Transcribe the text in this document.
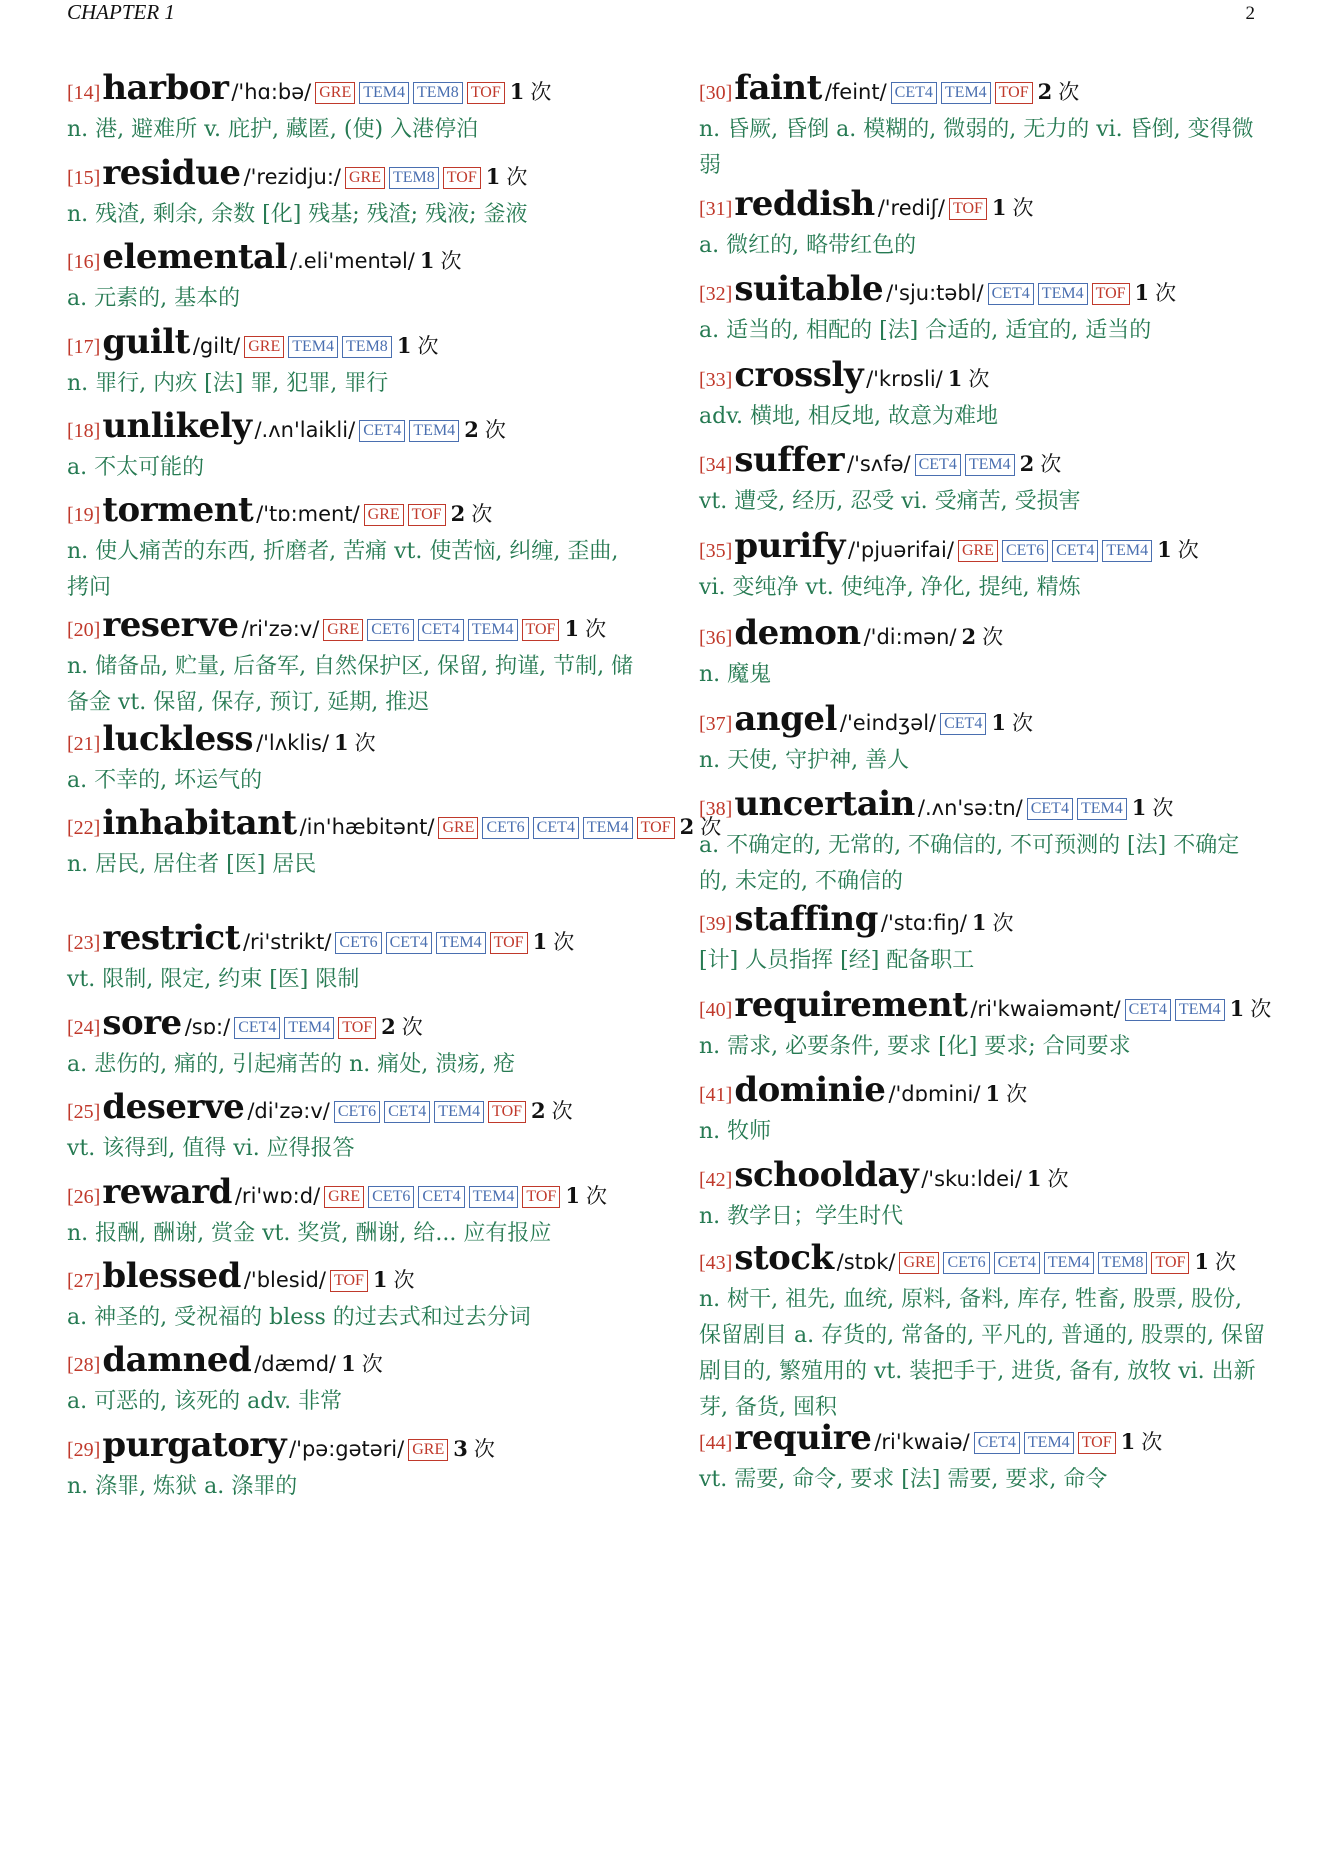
CHAPTER 1	2
[14]harbor /'hɑ:bə/ GRE TEM4 TEM8 TOF 1 次
n. 港, 避难所 v. 庇护, 藏匿, (使) 入港停泊
[15]residue /'rezidju:/ GRE TEM8 TOF 1 次
n. 残渣, 剩余, 余数 [化] 残基; 残渣; 残液; 釜液
[16]elemental /.eli'mentəl/ 1 次
a. 元素的, 基本的
[17]guilt /gilt/ GRE TEM4 TEM8 1 次
n. 罪行, 内疚 [法] 罪, 犯罪, 罪行
[18]unlikely /.ʌn'laikli/ CET4 TEM4 2 次
a. 不太可能的
[19]torment /'tɒ:ment/ GRE TOF 2 次
n. 使人痛苦的东西, 折磨者, 苦痛 vt. 使苦恼, 纠缠, 歪曲, 拷问
[20]reserve /ri'zə:v/ GRE CET6 CET4 TEM4 TOF 1 次
n. 储备品, 贮量, 后备军, 自然保护区, 保留, 拘谨, 节制, 储备金 vt. 保留, 保存, 预订, 延期, 推迟
[21]luckless /'lʌklis/ 1 次
a. 不幸的, 坏运气的
[22]inhabitant /in'hæbitənt/ GRE CET6 CET4 TEM4 TOF 2 次
n. 居民, 居住者 [医] 居民
[23]restrict /ri'strikt/ CET6 CET4 TEM4 TOF 1 次
vt. 限制, 限定, 约束 [医] 限制
[24]sore /sɒ:/ CET4 TEM4 TOF 2 次
a. 悲伤的, 痛的, 引起痛苦的 n. 痛处, 溃疡, 疮
[25]deserve /di'zə:v/ CET6 CET4 TEM4 TOF 2 次
vt. 该得到, 值得 vi. 应得报答
[26]reward /ri'wɒ:d/ GRE CET6 CET4 TEM4 TOF 1 次
n. 报酬, 酬谢, 赏金 vt. 奖赏, 酬谢, 给... 应有报应
[27]blessed /'blesid/ TOF 1 次
a. 神圣的, 受祝福的 bless 的过去式和过去分词
[28]damned /dæmd/ 1 次
a. 可恶的, 该死的 adv. 非常
[29]purgatory /'pə:gətəri/ GRE 3 次
n. 涤罪, 炼狱 a. 涤罪的
[30]faint /feint/ CET4 TEM4 TOF 2 次
n. 昏厥, 昏倒 a. 模糊的, 微弱的, 无力的 vi. 昏倒, 变得微弱
[31]reddish /'rediʃ/ TOF 1 次
a. 微红的, 略带红色的
[32]suitable /'sju:təbl/ CET4 TEM4 TOF 1 次
a. 适当的, 相配的 [法] 合适的, 适宜的, 适当的
[33]crossly /'krɒsli/ 1 次
adv. 横地, 相反地, 故意为难地
[34]suffer /'sʌfə/ CET4 TEM4 2 次
vt. 遭受, 经历, 忍受 vi. 受痛苦, 受损害
[35]purify /'pjuərifai/ GRE CET6 CET4 TEM4 1 次
vi. 变纯净 vt. 使纯净, 净化, 提纯, 精炼
[36]demon /'di:mən/ 2 次
n. 魔鬼
[37]angel /'eindʒəl/ CET4 1 次
n. 天使, 守护神, 善人
[38]uncertain /.ʌn'sə:tn/ CET4 TEM4 1 次
a. 不确定的, 无常的, 不确信的, 不可预测的 [法] 不确定的, 未定的, 不确信的
[39]staffing /'stɑ:fiŋ/ 1 次
[计] 人员指挥 [经] 配备职工
[40]requirement /ri'kwaiəmənt/ CET4 TEM4 1 次
n. 需求, 必要条件, 要求 [化] 要求; 合同要求
[41]dominie /'dɒmini/ 1 次
n. 牧师
[42]schoolday /'sku:ldei/ 1 次
n. 教学日；学生时代
[43]stock /stɒk/ GRE CET6 CET4 TEM4 TEM8 TOF 1 次
n. 树干, 祖先, 血统, 原料, 备料, 库存, 牲畜, 股票, 股份, 保留剧目 a. 存货的, 常备的, 平凡的, 普通的, 股票的, 保留剧目的, 繁殖用的 vt. 装把手于, 进货, 备有, 放牧 vi. 出新芽, 备货, 囤积
[44]require /ri'kwaiə/ CET4 TEM4 TOF 1 次
vt. 需要, 命令, 要求 [法] 需要, 要求, 命令
